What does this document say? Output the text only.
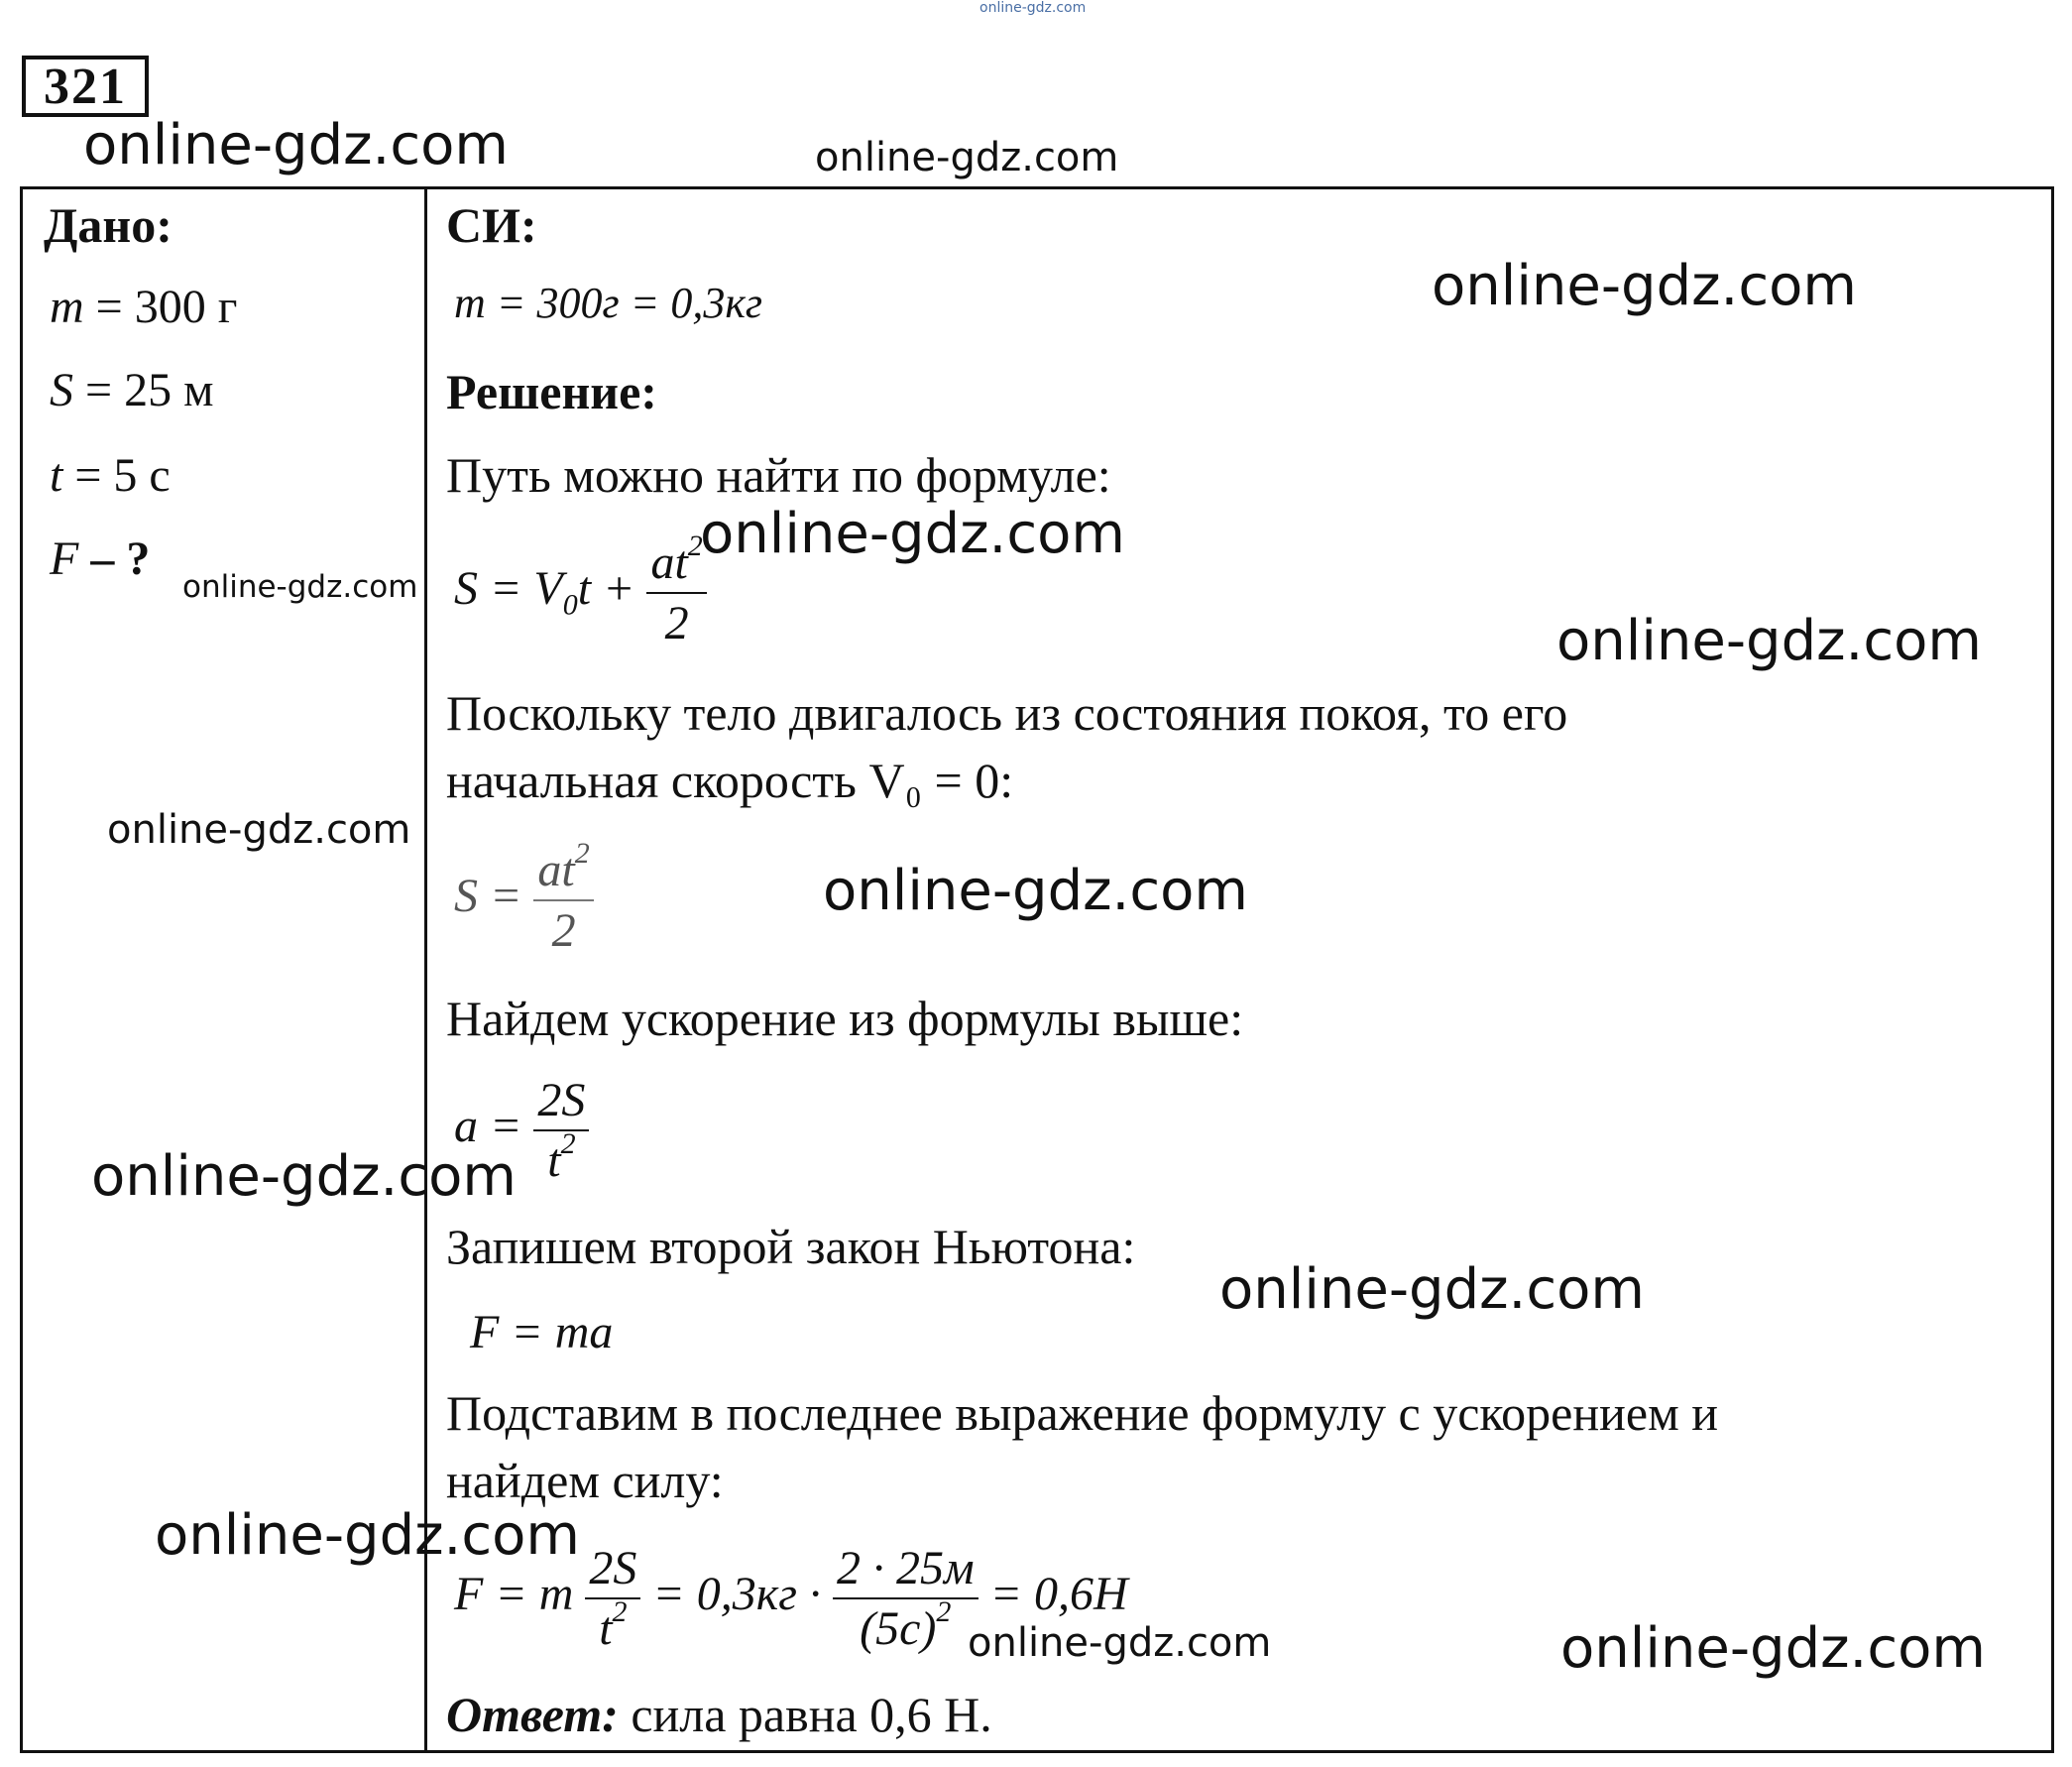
online-gdz.com
321
online-gdz.com	online-gdz.com
Дано:
m = 300 г
S = 25 м
t = 5 с
F – ?
online-gdz.com
online-gdz.com
СИ:
m = 300г = 0,3кг	online-gdz.com
Решение:
Путь можно найти по формуле:
$S = V_0t + \frac{at^2}{2}$
online-gdz.com
online-gdz.com
Поскольку тело двигалось из состояния покоя, то его
начальная скорость V₀ = 0:
$S = \frac{at^2}{2}$	online-gdz.com
Найдем ускорение из формулы выше:
$a = \frac{2S}{t^2}$
online-gdz.com
Запишем второй закон Ньютона:
online-gdz.com
F = ma
Подставим в последнее выражение формулу с ускорением и
найдем силу:
F = m $\frac{2S}{t^2} = 0,3кг \cdot \frac{2 \cdot 25м}{(5с)^2} = 0,6Н$
online-gdz.com
online-gdz.com	online-gdz.com
Ответ: сила равна 0,6 Н.
